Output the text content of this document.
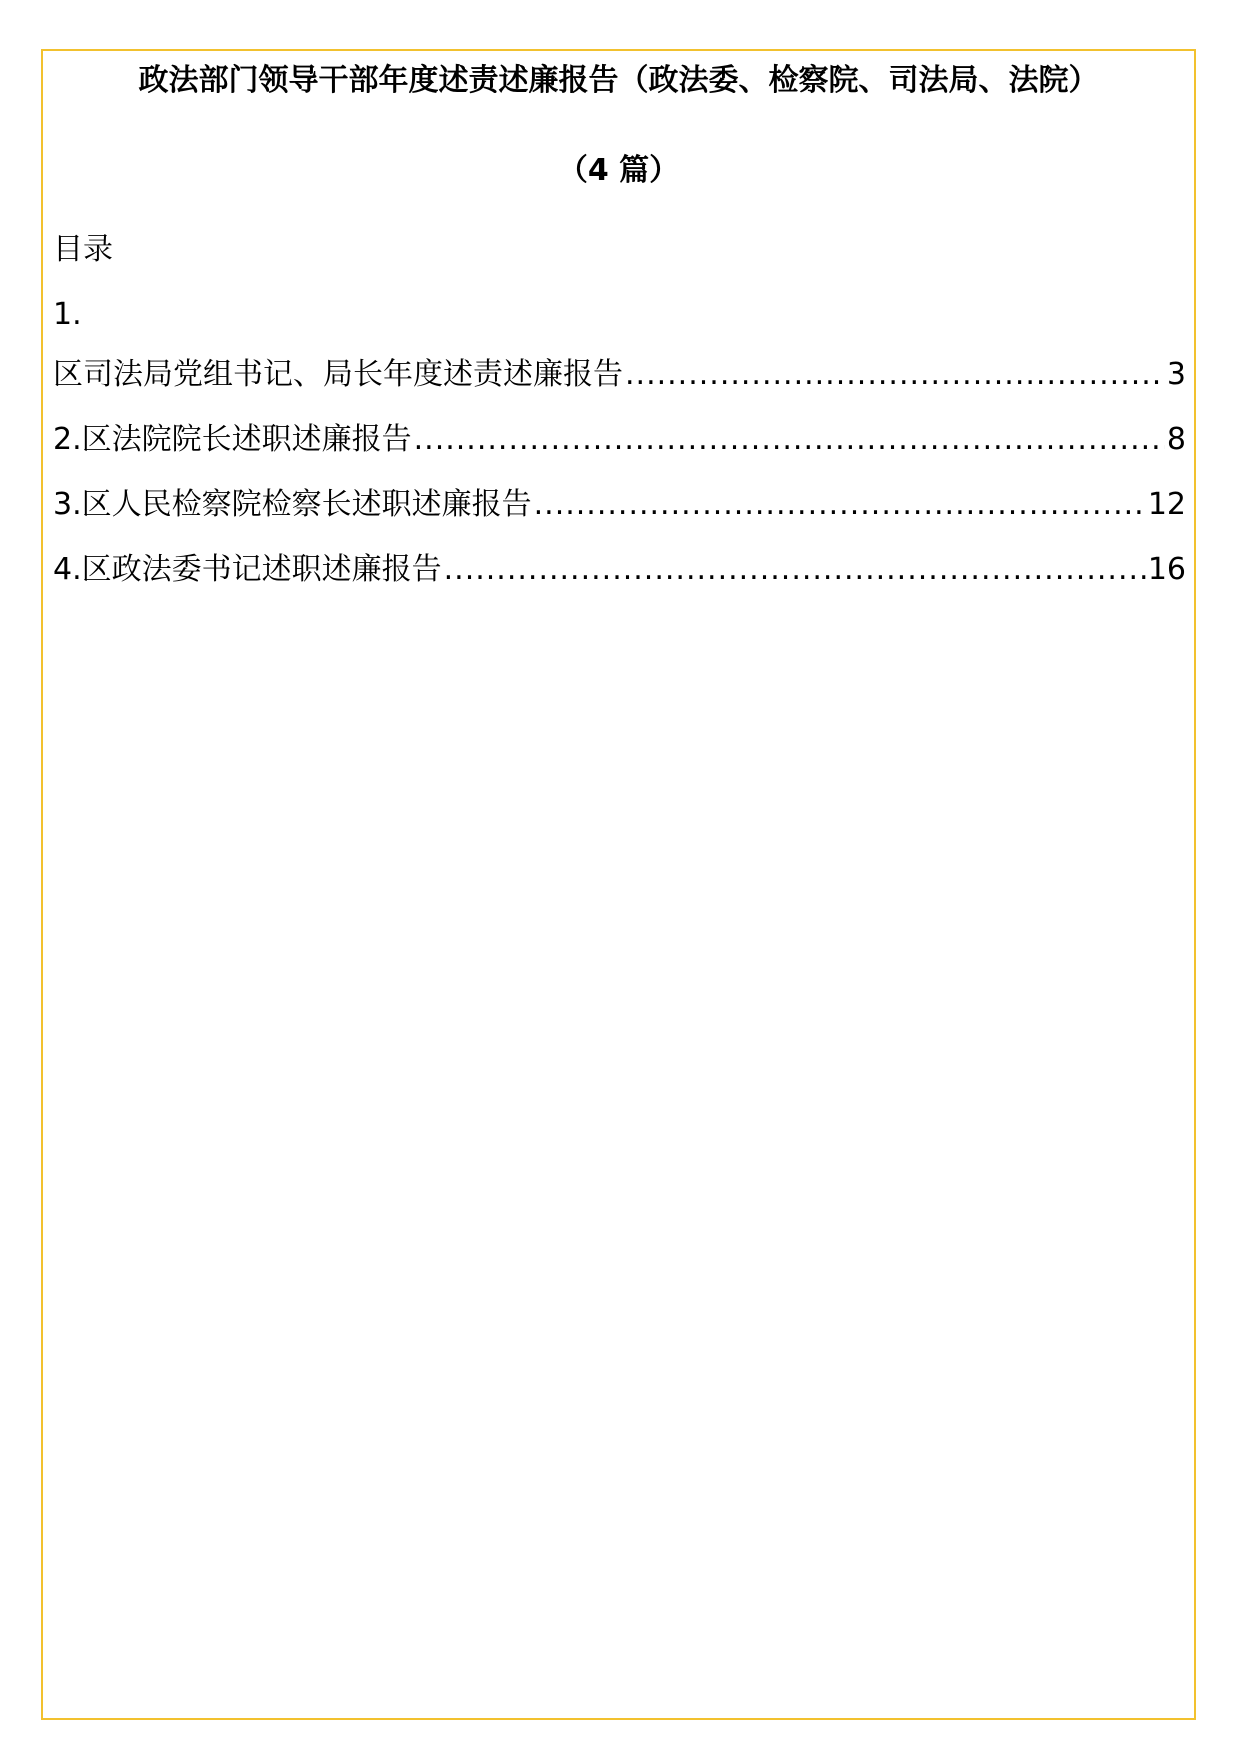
政法部门领导干部年度述责述廉报告（政法委、检察院、司法局、法院）
（4 篇）
目录
1.
区司法局党组书记、局长年度述责述廉报告 .....	3
2.区法院院长述职述廉报告 .....	8
3.区人民检察院检察长述职述廉报告 .....	12
4.区政法委书记述职述廉报告 .....	16
